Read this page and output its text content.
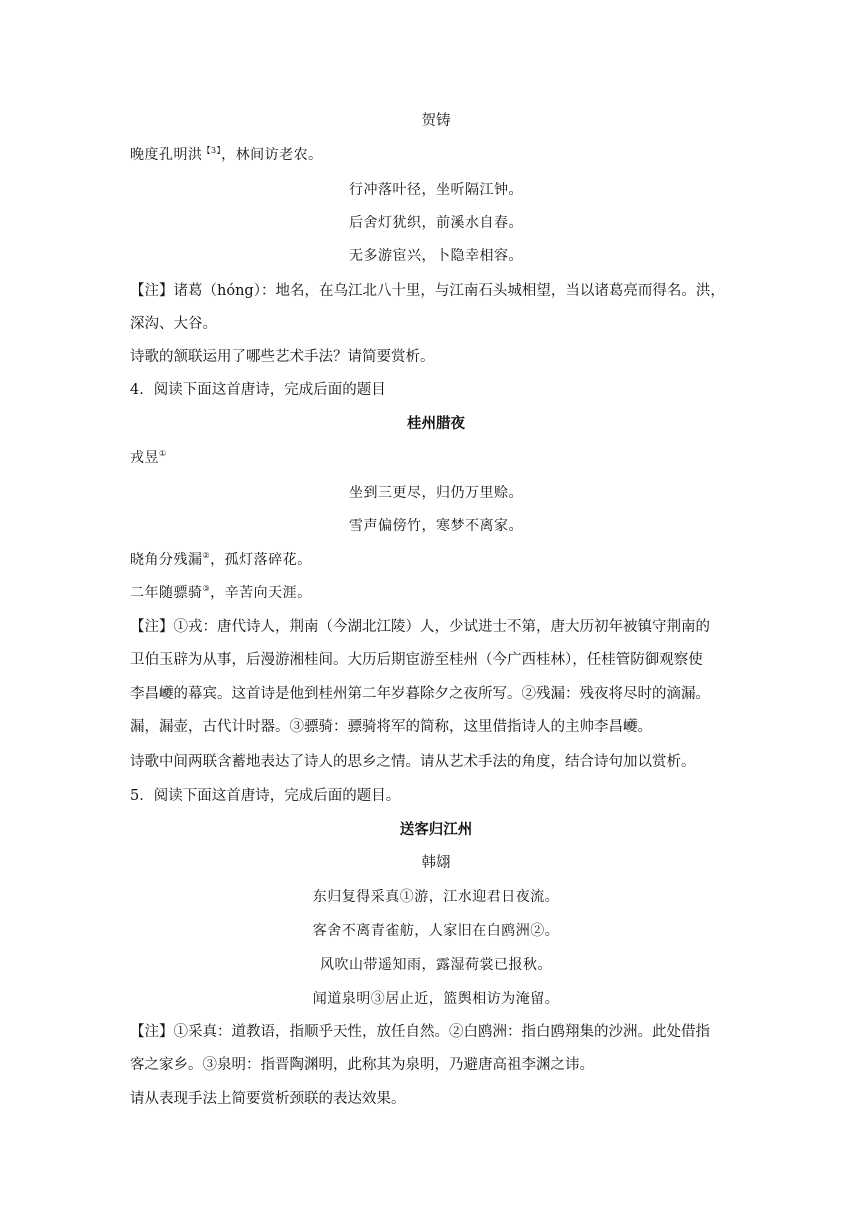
贺铸
晚度孔明洪$^{【3】}$，林间访老农。
行冲落叶径，坐听隔江钟。
后舍灯犹织，前溪水自春。
无多游宦兴，卜隐幸相容。
【注】诸葛（hóng）：地名，在乌江北八十里，与江南石头城相望，当以诸葛亮而得名。洪，
深沟、大谷。
诗歌的颔联运用了哪些艺术手法？请简要赏析。
4．阅读下面这首唐诗，完成后面的题目
桂州腊夜
戎昱①
坐到三更尽，归仍万里赊。
雪声偏傍竹，寒梦不离家。
晓角分残漏②，孤灯落碎花。
二年随骠骑③，辛苦向天涯。
【注】①戎：唐代诗人，荆南（今湖北江陵）人，少试进士不第，唐大历初年被镇守荆南的
卫伯玉辟为从事，后漫游湘桂间。大历后期宦游至桂州（今广西桂林），任桂管防御观察使
李昌巙的幕宾。这首诗是他到桂州第二年岁暮除夕之夜所写。②残漏：残夜将尽时的滴漏。
漏，漏壶，古代计时器。③骠骑：骠骑将军的简称，这里借指诗人的主帅李昌巙。
诗歌中间两联含蓄地表达了诗人的思乡之情。请从艺术手法的角度，结合诗句加以赏析。
5．阅读下面这首唐诗，完成后面的题目。
送客归江州
韩翃
东归复得采真①游，江水迎君日夜流。
客舍不离青雀舫，人家旧在白鸥洲②。
风吹山带遥知雨，露湿荷裳已报秋。
闻道泉明③居止近，篮舆相访为淹留。
【注】①采真：道教语，指顺乎天性，放任自然。②白鸥洲：指白鸥翔集的沙洲。此处借指
客之家乡。③泉明：指晋陶渊明，此称其为泉明，乃避唐高祖李渊之讳。
请从表现手法上简要赏析颈联的表达效果。
